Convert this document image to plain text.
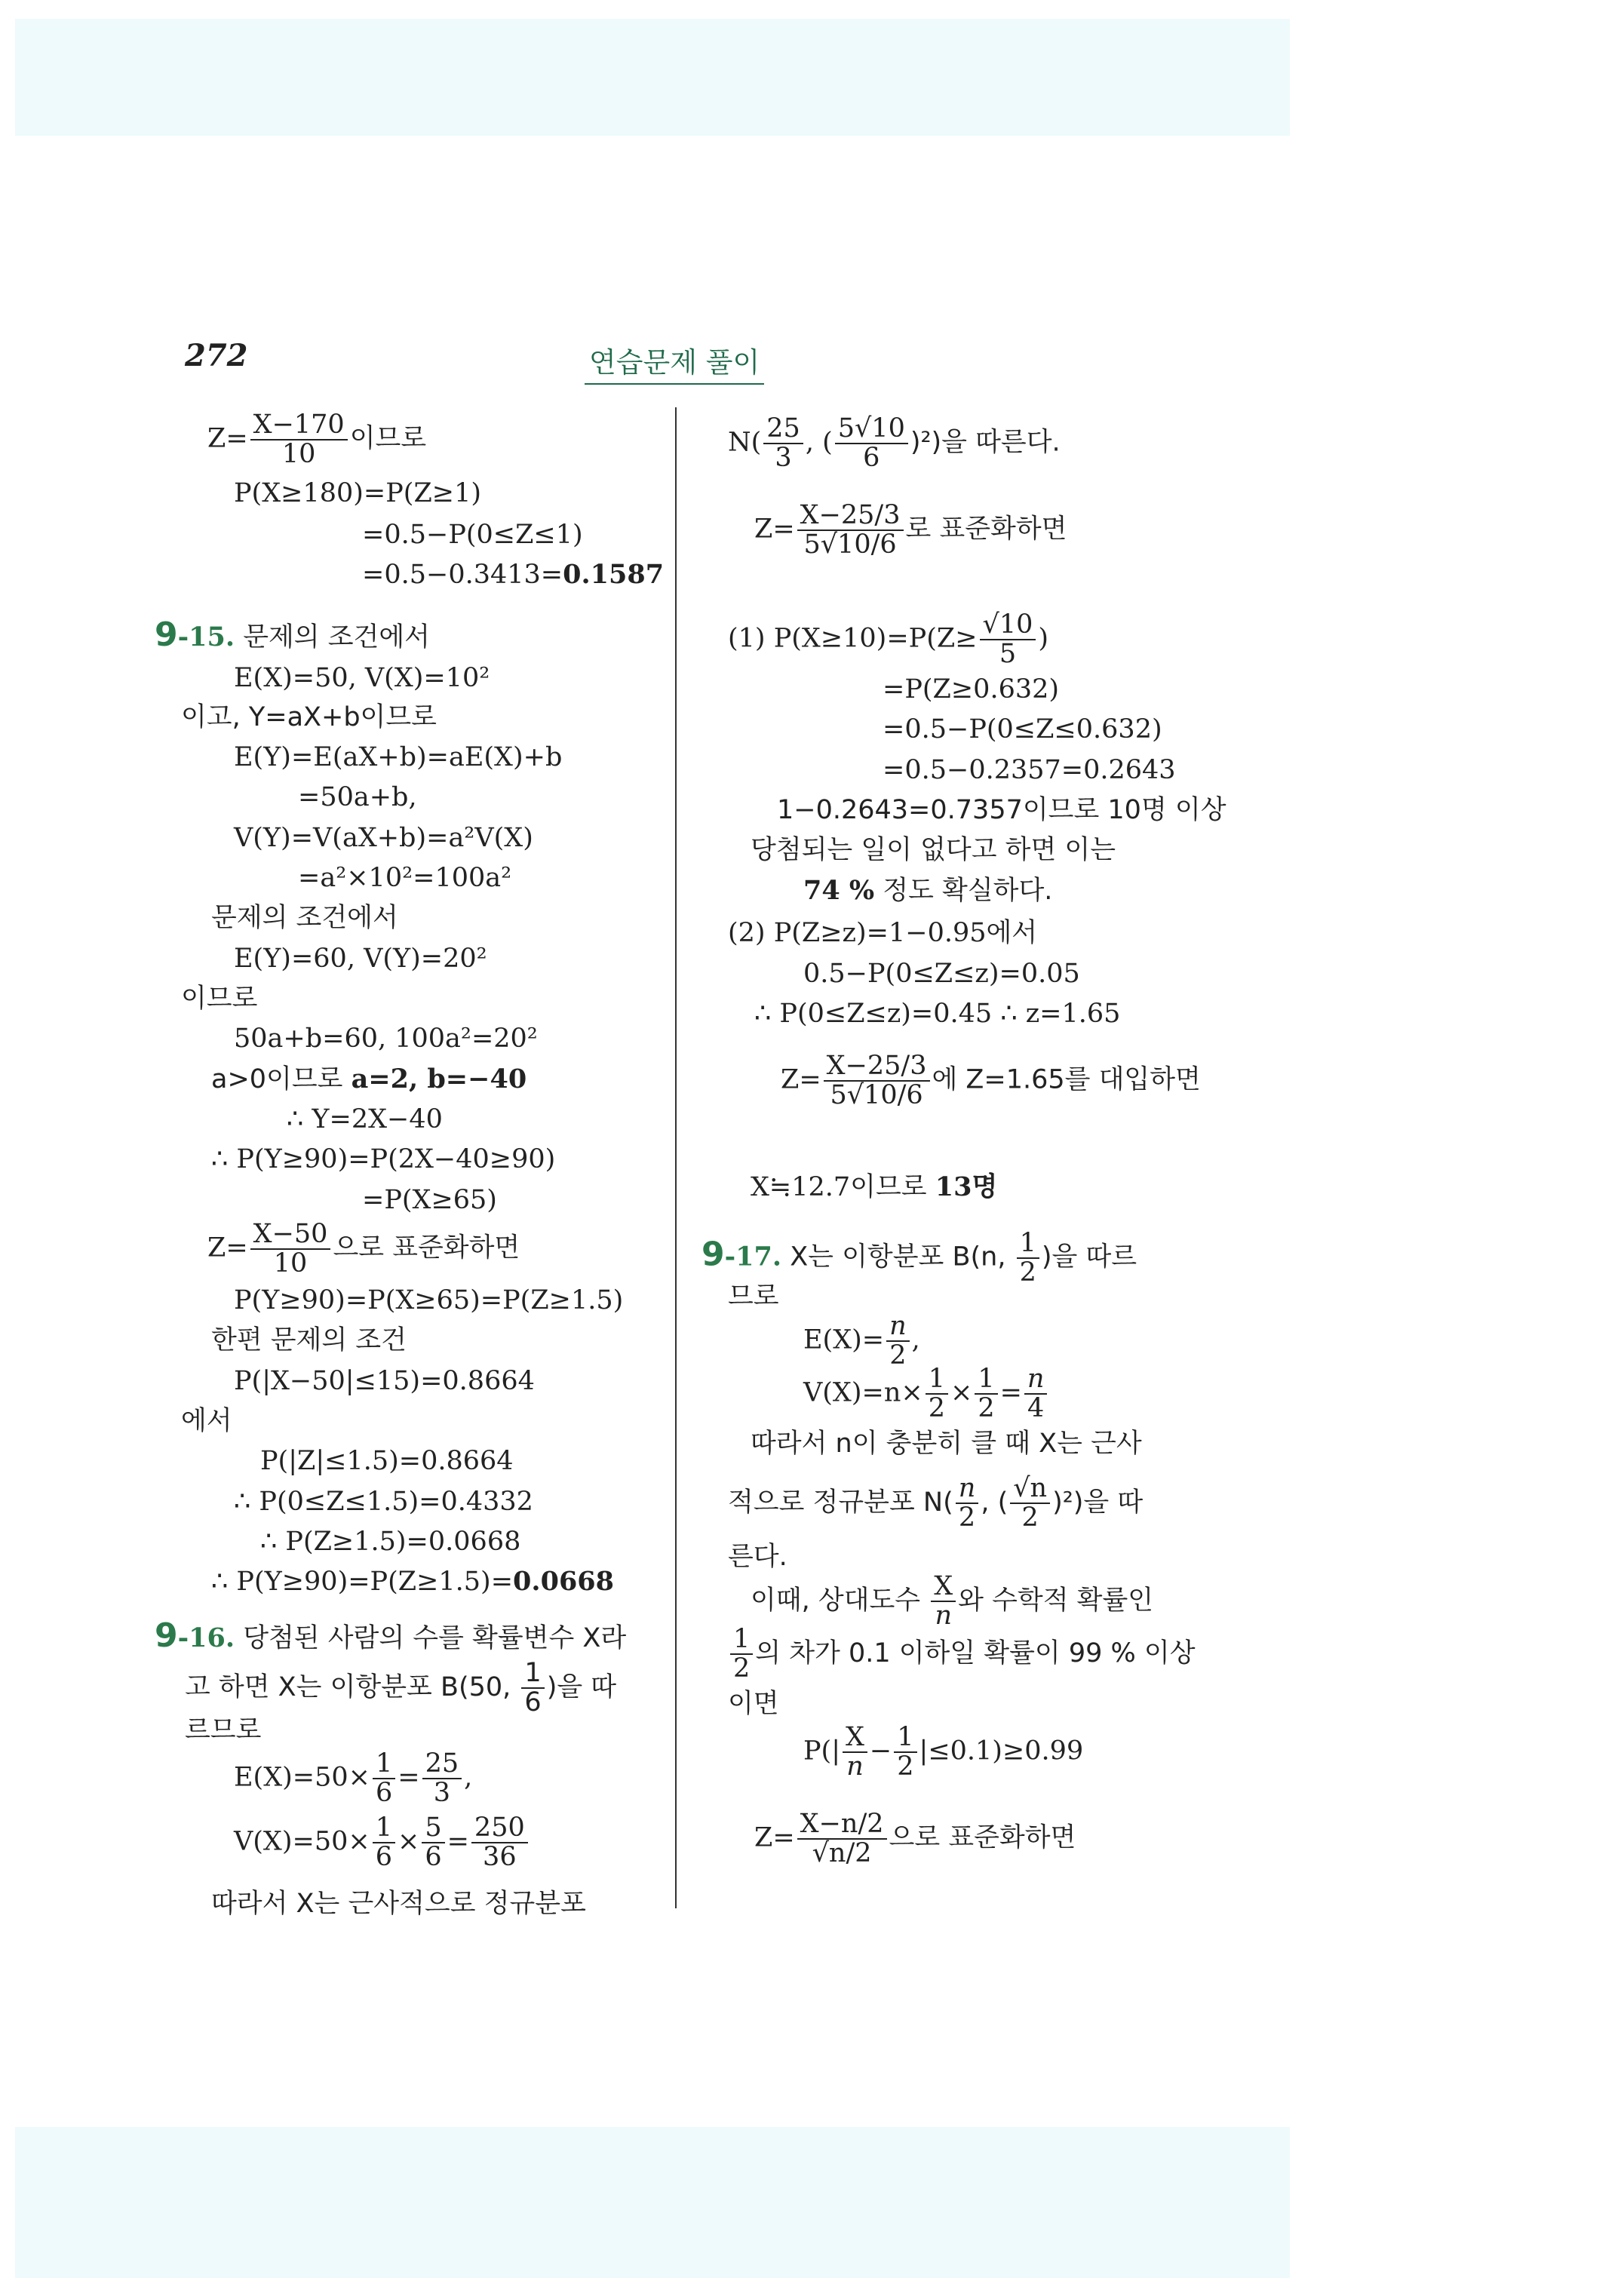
272	연습문제 풀이
$Z= \frac{X-170}{10}$ 이므로
P(X≥180)=P(Z≥1)
=0.5−P(0≤Z≤1)
=0.5−0.3413=0.1587
9-15. 문제의 조건에서
E(X)=50, V(X)=10²
이고, Y=aX+b이므로
E(Y)=E(aX+b)=aE(X)+b
=50a+b,
V(Y)=V(aX+b)=a²V(X)
=a²×10²=100a²
문제의 조건에서
E(Y)=60, V(Y)=20²
이므로
50a+b=60, 100a²=20²
a>0이므로 a=2, b=−40
∴ Y=2X−40
∴ P(Y≥90)=P(2X−40≥90)
=P(X≥65)
$Z= \frac{X-50}{10}$ 으로 표준화하면
P(Y≥90)=P(X≥65)=P(Z≥1.5)
한편 문제의 조건
P(|X−50|≤15)=0.8664
에서
P(|Z|≤1.5)=0.8664
∴ P(0≤Z≤1.5)=0.4332
∴ P(Z≥1.5)=0.0668
∴ P(Y≥90)=P(Z≥1.5)=0.0668
9-16. 당첨된 사람의 수를 확률변수 X라
고 하면 X는 이항분포 B(50, $\frac{1}{6}$ )을 따
르므로
$E(X)=50\times \frac{1}{6} = \frac{25}{3}$ ,
$V(X)=50\times \frac{1}{6} \times \frac{5}{6} = \frac{250}{36}$
따라서 X는 근사적으로 정규분포
$N( \frac{25}{3}$ , ( $\frac{5√10}{6} )^2$)을 따른다.
$Z= \frac{X-25/3}{5√10/6}$ 로 표준화하면
(1) $P(X\ge 10)=P(Z\ge \frac{√10}{5}$ )
=P(Z≥0.632)
=0.5−P(0≤Z≤0.632)
=0.5−0.2357=0.2643
1−0.2643=0.7357이므로 10명 이상
당첨되는 일이 없다고 하면 이는
74 % 정도 확실하다.
(2) P(Z≥z)=1−0.95에서
0.5−P(0≤Z≤z)=0.05
∴ P(0≤Z≤z)=0.45 ∴ z=1.65
$Z= \frac{X-25/3}{5√10/6}$ 에 Z=1.65를 대입하면
X≒12.7이므로 13명
9-17. X는 이항분포 B(n, $\frac{1}{2}$ )을 따르
므로
$E(X)= \frac{n}{2}$ ,
$V(X)=n\times \frac{1}{2} \times \frac{1}{2} = \frac{n}{4}$
따라서 n이 충분히 클 때 X는 근사
적으로 정규분포 $N( \frac{n}{2}$ , ( $\frac{√n}{2} )^2$)을 따
른다.
이때, 상대도수 $\frac{X}{n}$ 와 수학적 확률인
$\frac{1}{2}$ 의 차가 0.1 이하일 확률이 99 % 이상
이면
$P(| \frac{X}{n} - \frac{1}{2} |\le 0.1)\ge 0.99$
$Z= \frac{X-n/2}{√n/2}$ 으로 표준화하면
